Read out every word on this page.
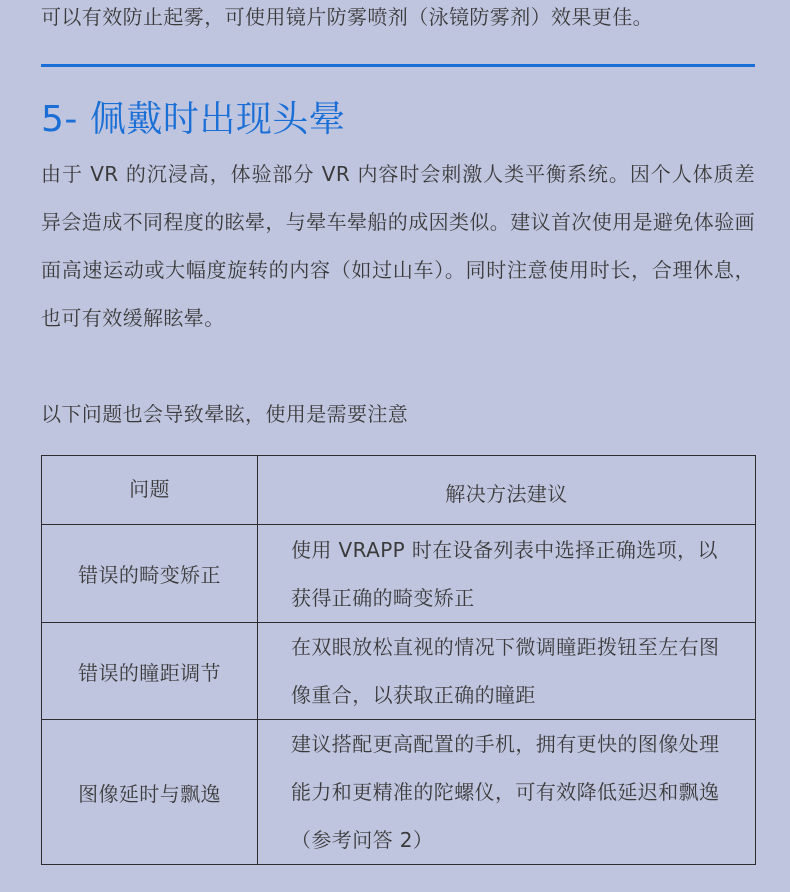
可以有效防止起雾，可使用镜片防雾喷剂（泳镜防雾剂）效果更佳。
5- 佩戴时出现头晕
由于 VR 的沉浸高，体验部分 VR 内容时会刺激人类平衡系统。因个人体质差异会造成不同程度的眩晕，与晕车晕船的成因类似。建议首次使用是避免体验画面高速运动或大幅度旋转的内容（如过山车）。同时注意使用时长，合理休息，也可有效缓解眩晕。
以下问题也会导致晕眩，使用是需要注意
问题	解决方法建议
错误的畸变矫正	使用 VRAPP 时在设备列表中选择正确选项，以获得正确的畸变矫正
错误的瞳距调节	在双眼放松直视的情况下微调瞳距拨钮至左右图像重合，以获取正确的瞳距
图像延时与飘逸	建议搭配更高配置的手机，拥有更快的图像处理能力和更精准的陀螺仪，可有效降低延迟和飘逸（参考问答 2）
